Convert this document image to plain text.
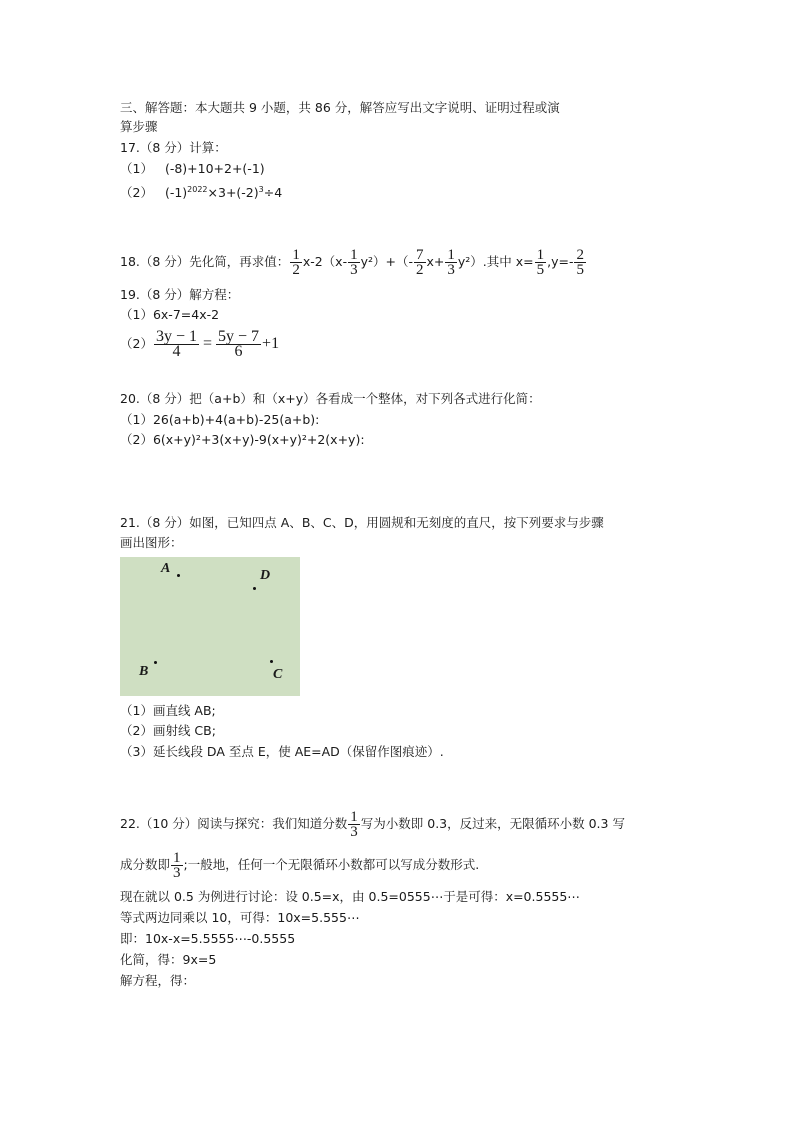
三、解答题：本大题共 9 小题，共 86 分，解答应写出文字说明、证明过程或演
算步骤
17.（8 分）计算：
（1） (-8)+10+2+(-1)
（2） $(-1)^{2022}\times 3+(-2)^3\div 4$
18.（8 分）先化简，再求值： $\frac{1}{2} x-2(x- \frac{1}{3} y^2)+(- \frac{7}{2} x+ \frac{1}{3} y^2)$.其中 $x= \frac{1}{5} ,y=- \frac{2}{5}$
19.（8 分）解方程：
（1）6x-7=4x-2
$(2) \frac{3y - 1}{4} = \frac{5y - 7}{6} +1$
20.（8 分）把（a+b）和（x+y）各看成一个整体，对下列各式进行化简：
（1）26(a+b)+4(a+b)-25(a+b):
（2）6(x+y)²+3(x+y)-9(x+y)²+2(x+y):
21.（8 分）如图，已知四点 A、B、C、D，用圆规和无刻度的直尺，按下列要求与步骤
画出图形：
A	D
B	C
（1）画直线 AB;
（2）画射线 CB;
（3）延长线段 DA 至点 E，使 AE=AD（保留作图痕迹）.
22.（10 分）阅读与探究：我们知道分数 $\frac{1}{3}$ 写为小数即 0.3，反过来，无限循环小数 0.3 写
成分数即 $\frac{1}{3}$ ;一般地，任何一个无限循环小数都可以写成分数形式.
现在就以 0.5 为例进行讨论：设 0.5=x，由 0.5=0555⋯于是可得：x=0.5555⋯
等式两边同乘以 10，可得：10x=5.555⋯
即：10x-x=5.5555⋯-0.5555
化简，得：9x=5
解方程，得：
